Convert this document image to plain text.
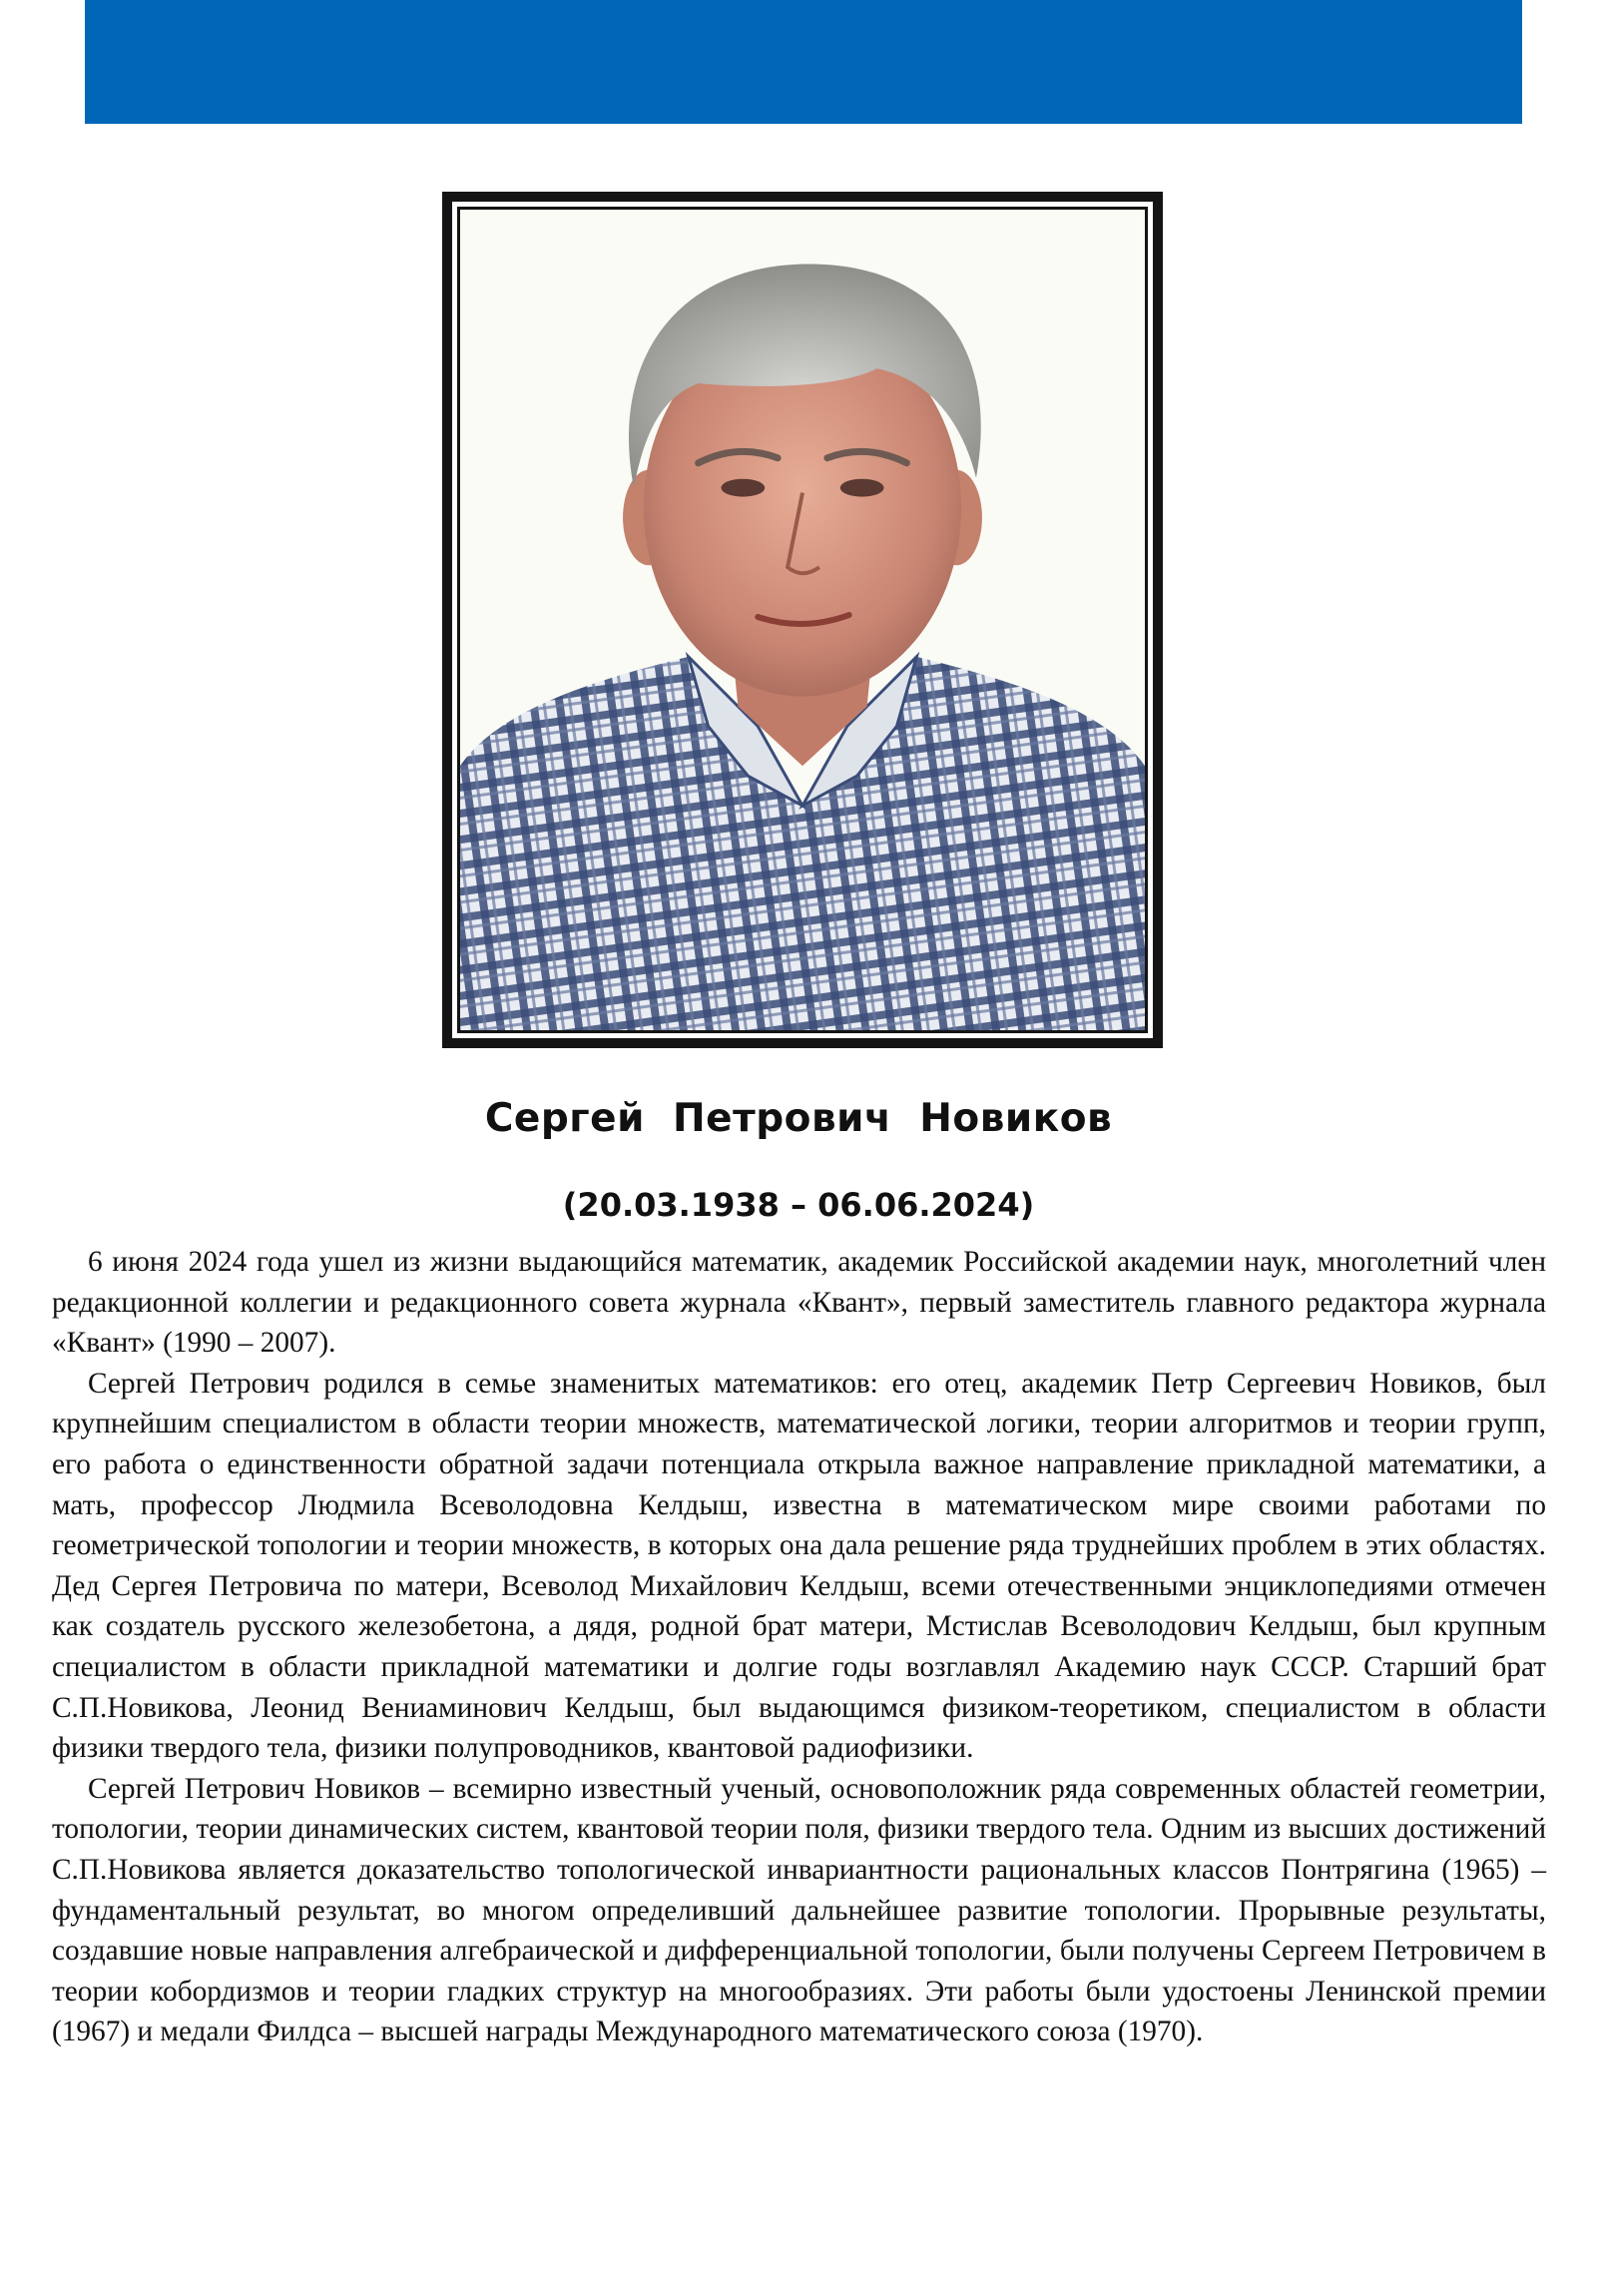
Сергей Петрович Новиков
(20.03.1938 – 06.06.2024)

6 июня 2024 года ушел из жизни выдающийся математик, академик Российской академии наук, многолетний член редакционной коллегии и редакционного совета журнала «Квант», первый заместитель главного редактора журнала «Квант» (1990 – 2007).

Сергей Петрович родился в семье знаменитых математиков: его отец, академик Петр Сергеевич Новиков, был крупнейшим специалистом в области теории множеств, математической логики, теории алгоритмов и теории групп, его работа о единственности обратной задачи потенциала открыла важное направление прикладной математики, а мать, профессор Людмила Всеволодовна Келдыш, известна в математическом мире своими работами по геометрической топологии и теории множеств, в которых она дала решение ряда труднейших проблем в этих областях. Дед Сергея Петровича по матери, Всеволод Михайлович Келдыш, всеми отечественными энциклопедиями отмечен как создатель русского железобетона, а дядя, родной брат матери, Мстислав Всеволодович Келдыш, был крупным специалистом в области прикладной математики и долгие годы возглавлял Академию наук СССР. Старший брат С.П.Новикова, Леонид Вениаминович Келдыш, был выдающимся физиком-теоретиком, специалистом в области физики твердого тела, физики полупроводников, квантовой радиофизики.

Сергей Петрович Новиков – всемирно известный ученый, основоположник ряда современных областей геометрии, топологии, теории динамических систем, квантовой теории поля, физики твердого тела. Одним из высших достижений С.П.Новикова является доказательство топологической инвариантности рациональных классов Понтрягина (1965) – фундаментальный результат, во многом определивший дальнейшее развитие топологии. Прорывные результаты, создавшие новые направления алгебраической и дифференциальной топологии, были получены Сергеем Петровичем в теории кобордизмов и теории гладких структур на многообразиях. Эти работы были удостоены Ленинской премии (1967) и медали Филдса – высшей награды Международного математического союза (1970).
